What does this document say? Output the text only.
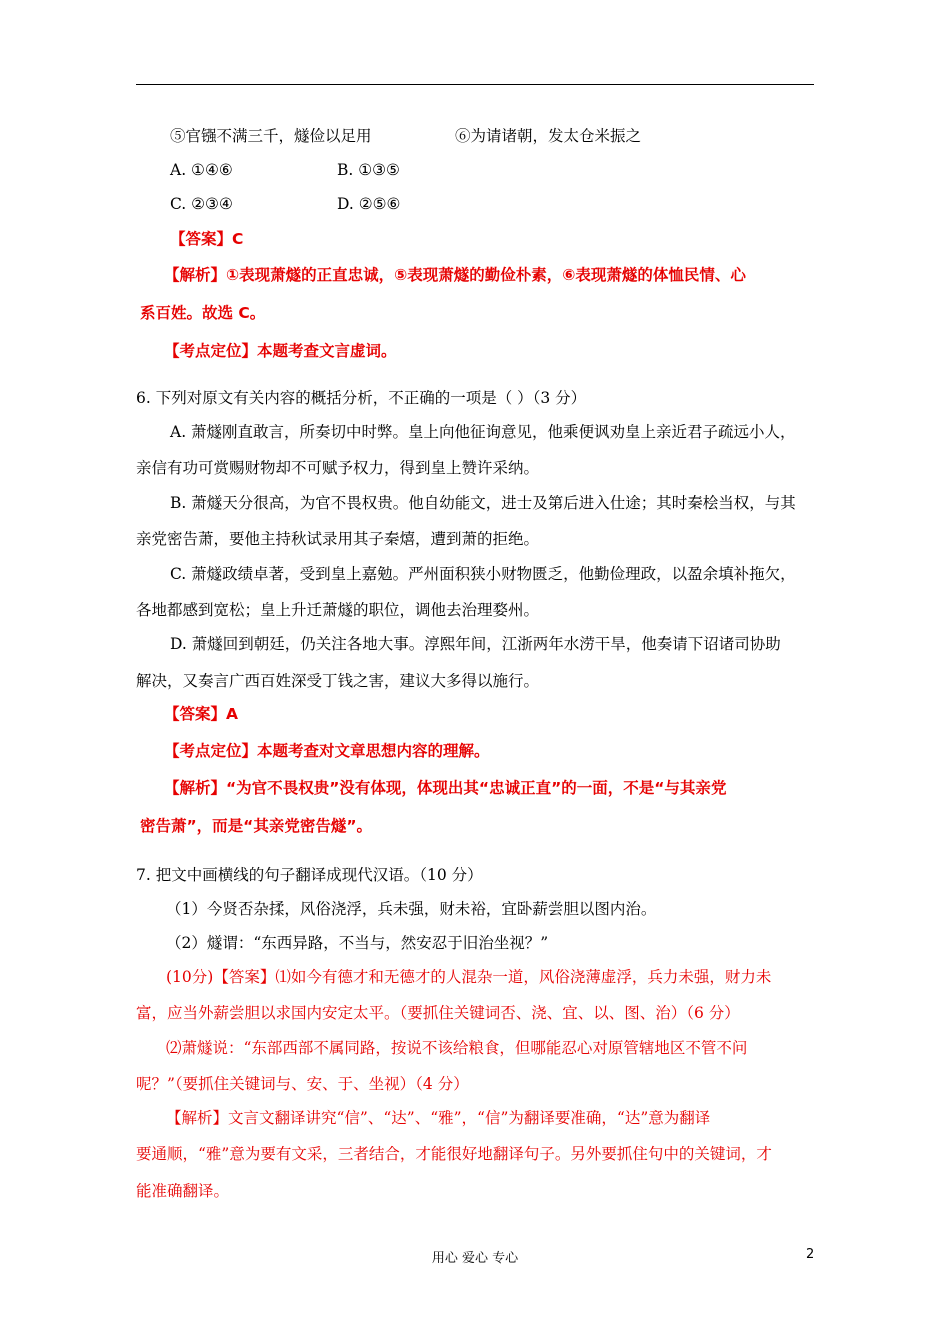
⑤官镪不满三千，燧俭以足用	⑥为请诸朝，发太仓米振之
A. ①④⑥	B. ①③⑤
C. ②③④	D. ②⑤⑥
【答案】C
【解析】①表现萧燧的正直忠诚，⑤表现萧燧的勤俭朴素，⑥表现萧燧的体恤民情、心
系百姓。故选 C。
【考点定位】本题考查文言虚词。
6. 下列对原文有关内容的概括分析，不正确的一项是（ ）（3 分）
A. 萧燧刚直敢言，所奏切中时弊。皇上向他征询意见，他乘便讽劝皇上亲近君子疏远小人，
亲信有功可赏赐财物却不可赋予权力，得到皇上赞许采纳。
B. 萧燧天分很高，为官不畏权贵。他自幼能文，进士及第后进入仕途；其时秦桧当权，与其
亲党密告萧，要他主持秋试录用其子秦熺，遭到萧的拒绝。
C. 萧燧政绩卓著，受到皇上嘉勉。严州面积狭小财物匮乏，他勤俭理政，以盈余填补拖欠，
各地都感到宽松；皇上升迁萧燧的职位，调他去治理婺州。
D. 萧燧回到朝廷，仍关注各地大事。淳熙年间，江浙两年水涝干旱，他奏请下诏诸司协助
解决，又奏言广西百姓深受丁钱之害，建议大多得以施行。
【答案】A
【考点定位】本题考查对文章思想内容的理解。
【解析】“为官不畏权贵”没有体现，体现出其“忠诚正直”的一面，不是“与其亲党
密告萧”，而是“其亲党密告燧”。
7. 把文中画横线的句子翻译成现代汉语。（10 分）
（1）今贤否杂揉，风俗浇浮，兵未强，财未裕，宜卧薪尝胆以图内治。
（2）燧谓：“东西异路，不当与，然安忍于旧治坐视？”
(10分)【答案】⑴如今有德才和无德才的人混杂一道，风俗浇薄虚浮，兵力未强，财力未
富，应当外薪尝胆以求国内安定太平。（要抓住关键词否、浇、宜、以、图、治）（6 分）
⑵萧燧说：“东部西部不属同路，按说不该给粮食，但哪能忍心对原管辖地区不管不问
呢？”（要抓住关键词与、安、于、坐视）（4 分）
【解析】文言文翻译讲究“信”、“达”、“雅”，“信”为翻译要准确，“达”意为翻译
要通顺，“雅”意为要有文采，三者结合，才能很好地翻译句子。另外要抓住句中的关键词，才
能准确翻译。
用心 爱心 专心	2
